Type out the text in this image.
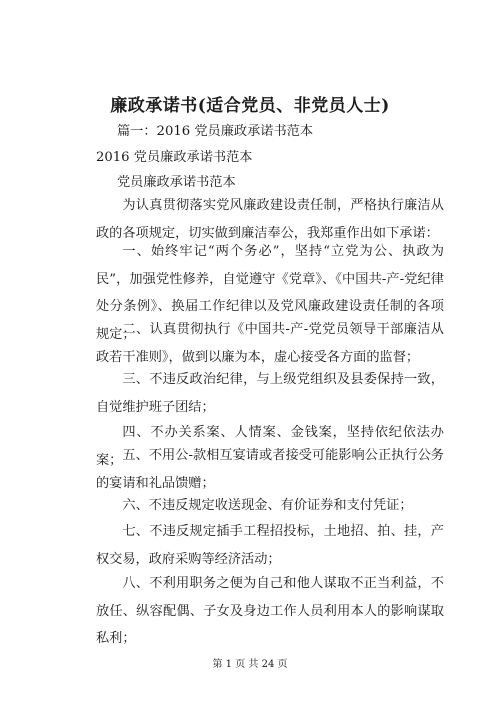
廉政承诺书(适合党员、非党员人士)
篇一：2016 党员廉政承诺书范本
2016 党员廉政承诺书范本
党员廉政承诺书范本
为认真贯彻落实党风廉政建设责任制，严格执行廉洁从政的各项规定，切实做到廉洁奉公，我郑重作出如下承诺：
一、始终牢记“两个务必”，坚持“立党为公、执政为民”，加强党性修养，自觉遵守《党章》、《中国共-产-党纪律处分条例》、换届工作纪律以及党风廉政建设责任制的各项规定；
二、认真贯彻执行《中国共-产-党党员领导干部廉洁从政若干准则》，做到以廉为本，虚心接受各方面的监督；
三、不违反政治纪律，与上级党组织及县委保持一致，自觉维护班子团结；
四、不办关系案、人情案、金钱案，坚持依纪依法办案； 五、不用公-款相互宴请或者接受可能影响公正执行公务的宴请和礼品馈赠；
六、不违反规定收送现金、有价证券和支付凭证；
七、不违反规定插手工程招投标，土地招、拍、挂，产权交易，政府采购等经济活动；
八、不利用职务之便为自己和他人谋取不正当利益，不放任、纵容配偶、子女及身边工作人员利用本人的影响谋取私利；
第 1 页 共 24 页
